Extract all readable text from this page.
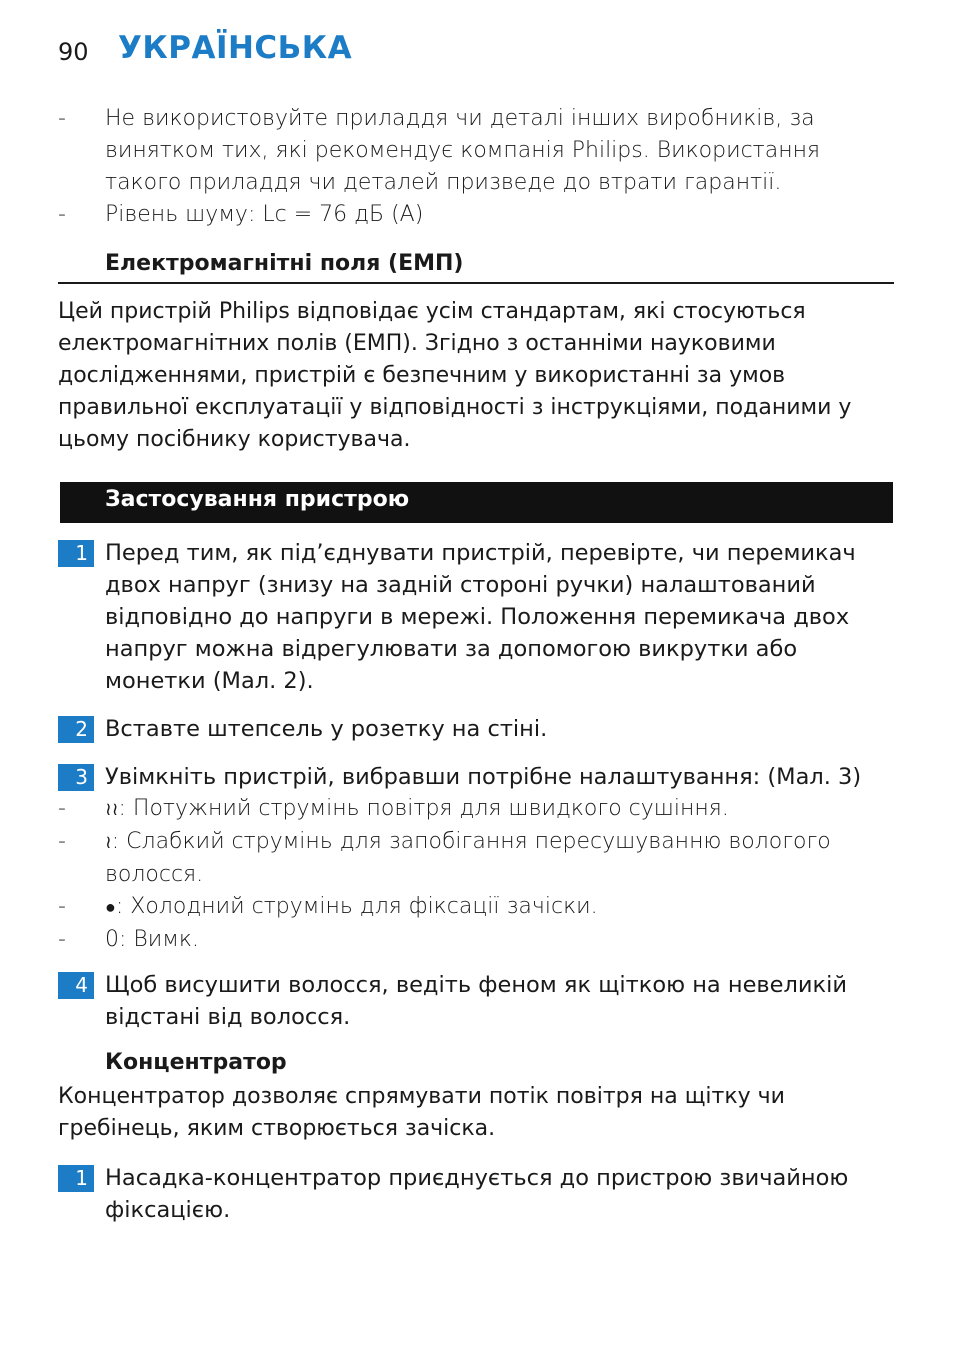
90 УКРАЇНСЬКА
- Не використовуйте приладдя чи деталі інших виробників, за винятком тих, які рекомендує компанія Philips. Використання такого приладдя чи деталей призведе до втрати гарантії.
- Рівень шуму: Lc = 76 дБ (A)
Електромагнітні поля (ЕМП)
Цей пристрій Philips відповідає усім стандартам, які стосуються електромагнітних полів (ЕМП). Згідно з останніми науковими дослідженнями, пристрій є безпечним у використанні за умов правильної експлуатації у відповідності з інструкціями, поданими у цьому посібнику користувача.
Застосування пристрою
1 Перед тим, як під’єднувати пристрій, перевірте, чи перемикач двох напруг (знизу на задній стороні ручки) налаштований відповідно до напруги в мережі. Положення перемикача двох напруг можна відрегулювати за допомогою викрутки або монетки (Мал. 2).
2 Вставте штепсель у розетку на стіні.
3 Увімкніть пристрій, вибравши потрібне налаштування: (Мал. 3)
- ≀≀: Потужний струмінь повітря для швидкого сушіння.
- ≀: Слабкий струмінь для запобігання пересушуванню вологого волосся.
- ●: Холодний струмінь для фіксації зачіски.
- 0: Вимк.
4 Щоб висушити волосся, ведіть феном як щіткою на невеликій відстані від волосся.
Концентратор
Концентратор дозволяє спрямувати потік повітря на щітку чи гребінець, яким створюється зачіска.
1 Насадка-концентратор приєднується до пристрою звичайною фіксацією.
